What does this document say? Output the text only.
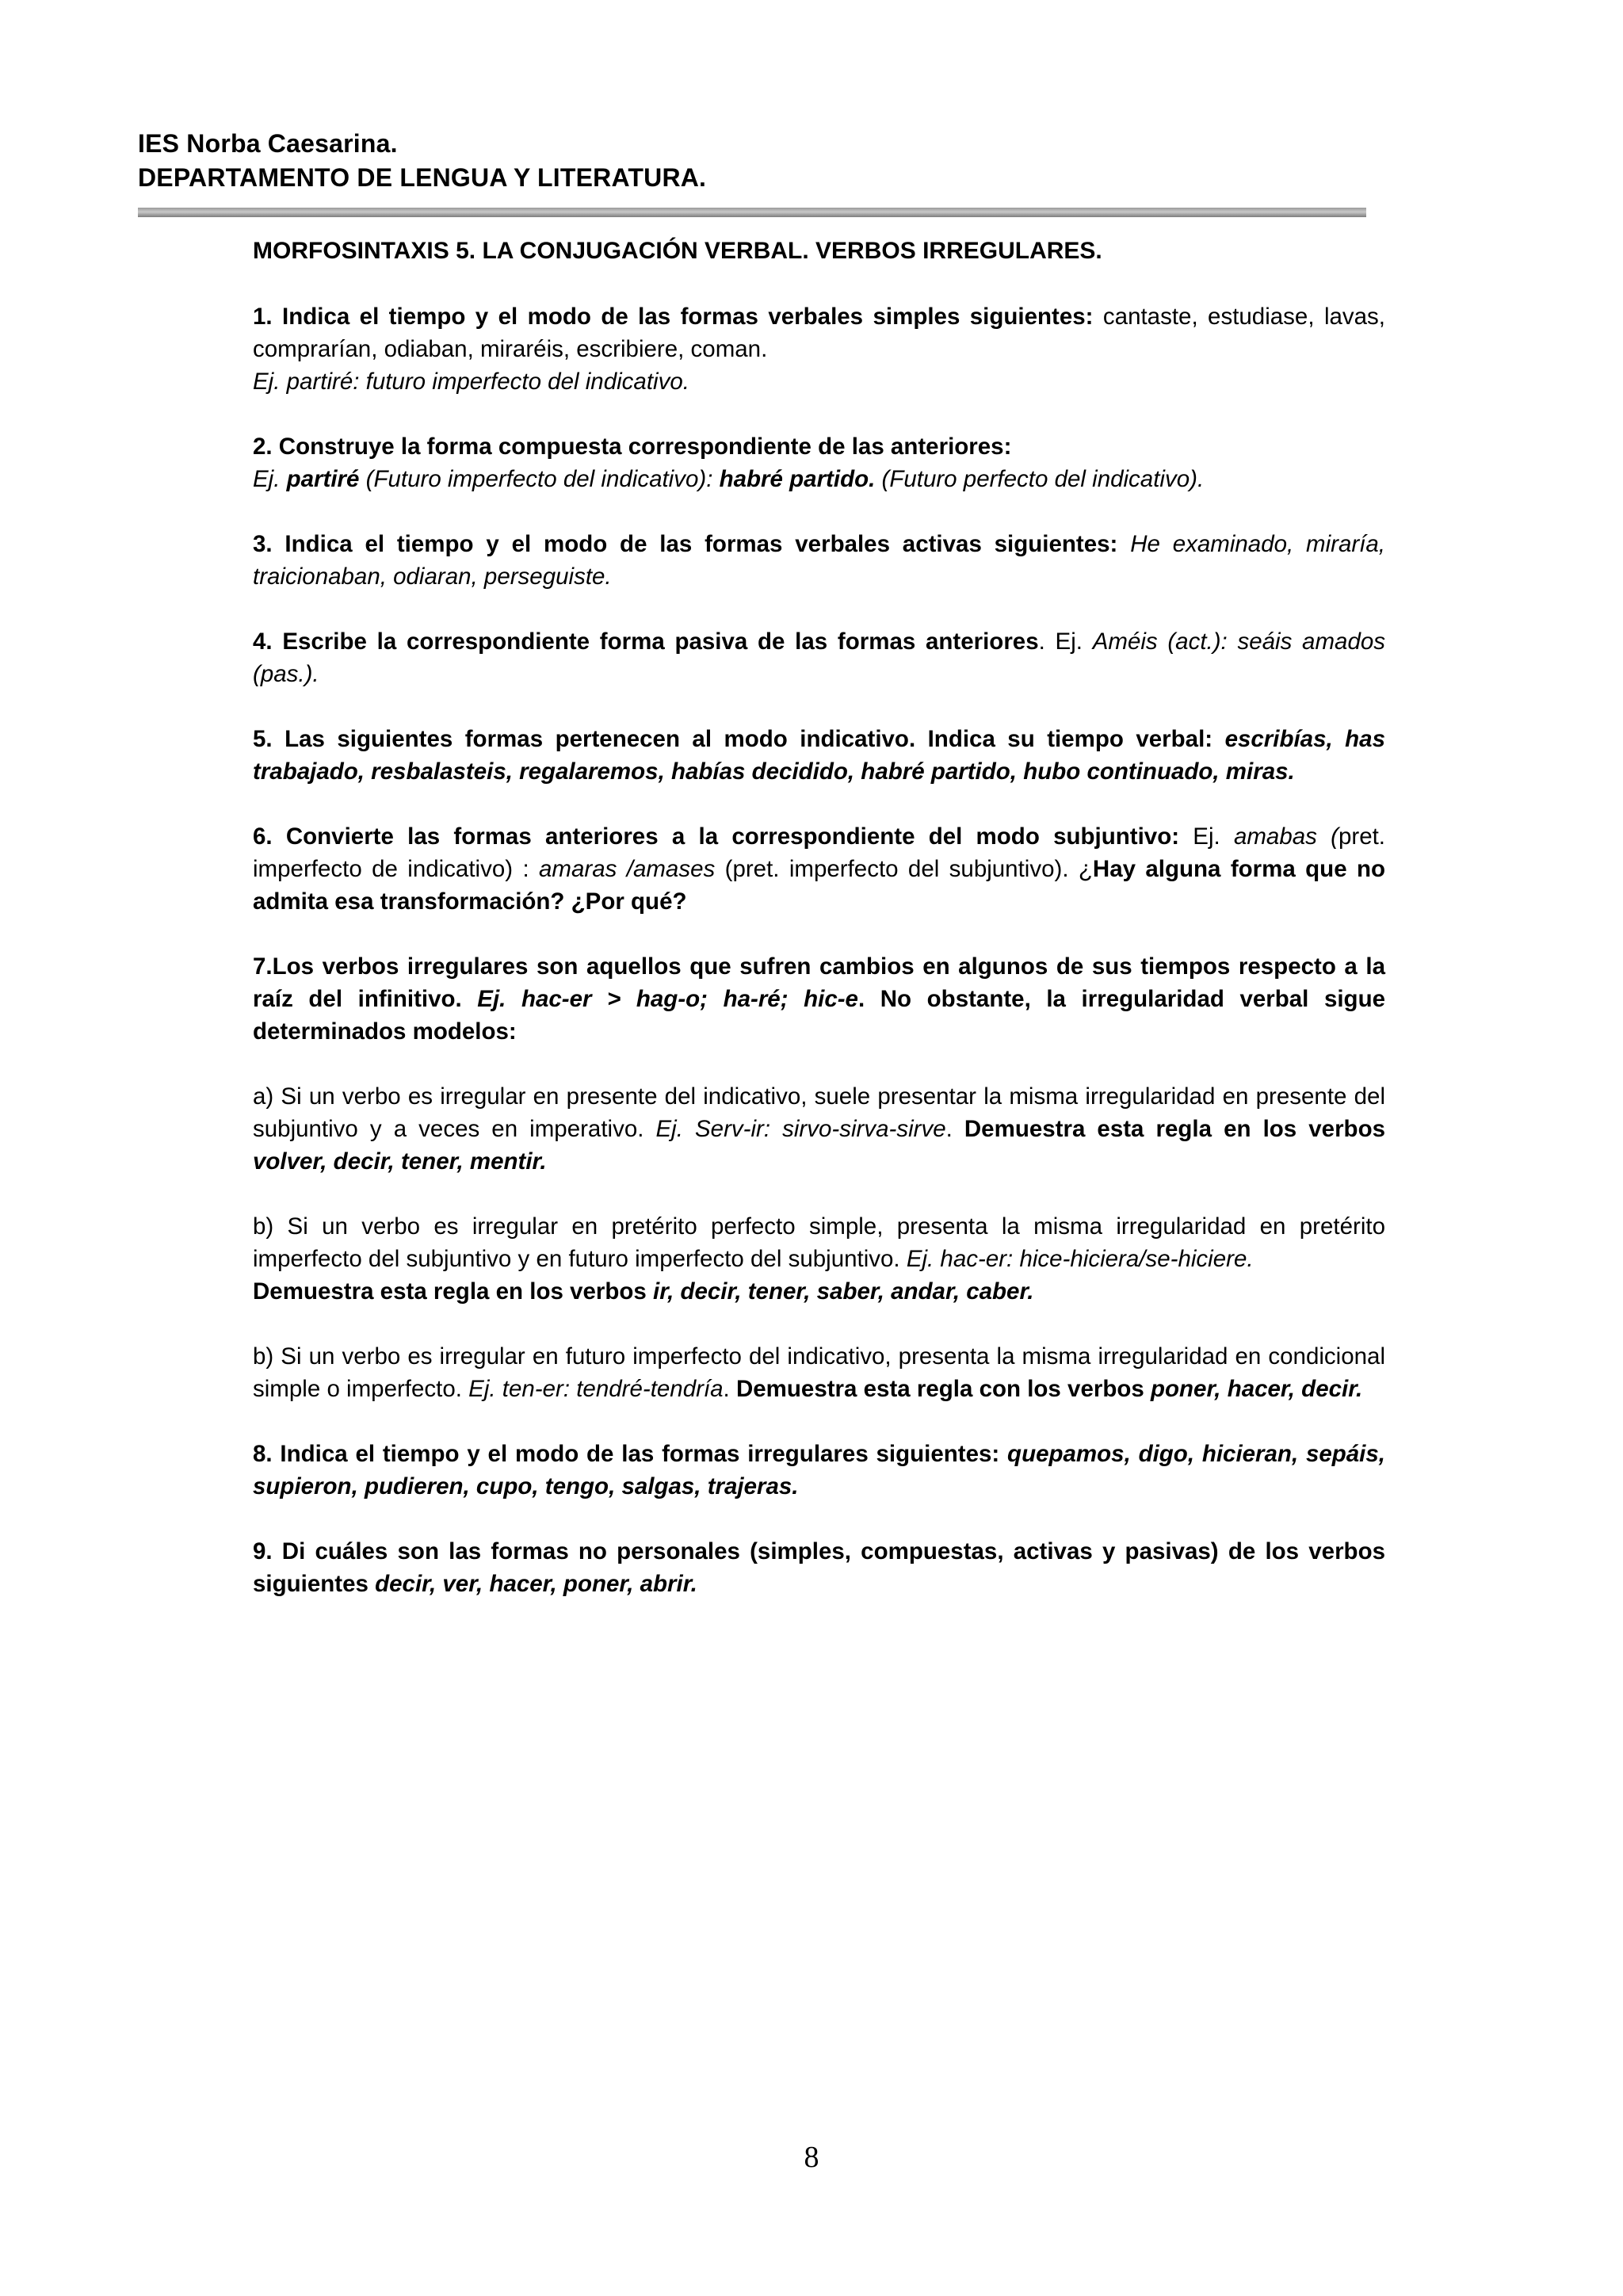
IES Norba Caesarina.
DEPARTAMENTO DE LENGUA Y LITERATURA.
MORFOSINTAXIS 5. LA CONJUGACIÓN VERBAL. VERBOS IRREGULARES.

1. Indica el tiempo y el modo de las formas verbales simples siguientes: cantaste, estudiase, lavas, comprarían, odiaban, miraréis, escribiere, coman.
Ej. partiré: futuro imperfecto del indicativo.

2. Construye la forma compuesta correspondiente de las anteriores:
Ej. partiré (Futuro imperfecto del indicativo): habré partido. (Futuro perfecto del indicativo).

3. Indica el tiempo y el modo de las formas verbales activas siguientes: He examinado, miraría, traicionaban, odiaran, perseguiste.

4. Escribe la correspondiente forma pasiva de las formas anteriores. Ej. Améis (act.): seáis amados (pas.).

5. Las siguientes formas pertenecen al modo indicativo. Indica su tiempo verbal: escribías, has trabajado, resbalasteis, regalaremos, habías decidido, habré partido, hubo continuado, miras.

6. Convierte las formas anteriores a la correspondiente del modo subjuntivo: Ej. amabas (pret. imperfecto de indicativo) : amaras /amases (pret. imperfecto del subjuntivo). ¿Hay alguna forma que no admita esa transformación? ¿Por qué?

7.Los verbos irregulares son aquellos que sufren cambios en algunos de sus tiempos respecto a la raíz del infinitivo. Ej. hac-er > hag-o; ha-ré; hic-e. No obstante, la irregularidad verbal sigue determinados modelos:

a) Si un verbo es irregular en presente del indicativo, suele presentar la misma irregularidad en presente del subjuntivo y a veces en imperativo. Ej. Serv-ir: sirvo-sirva-sirve. Demuestra esta regla en los verbos volver, decir, tener, mentir.

b) Si un verbo es irregular en pretérito perfecto simple, presenta la misma irregularidad en pretérito imperfecto del subjuntivo y en futuro imperfecto del subjuntivo. Ej. hac-er: hice-hiciera/se-hiciere.
Demuestra esta regla en los verbos ir, decir, tener, saber, andar, caber.

b) Si un verbo es irregular en futuro imperfecto del indicativo, presenta la misma irregularidad en condicional simple o imperfecto. Ej. ten-er: tendré-tendría. Demuestra esta regla con los verbos poner, hacer, decir.

8. Indica el tiempo y el modo de las formas irregulares siguientes: quepamos, digo, hicieran, sepáis, supieron, pudieren, cupo, tengo, salgas, trajeras.

9. Di cuáles son las formas no personales (simples, compuestas, activas y pasivas) de los verbos siguientes decir, ver, hacer, poner, abrir.

8
